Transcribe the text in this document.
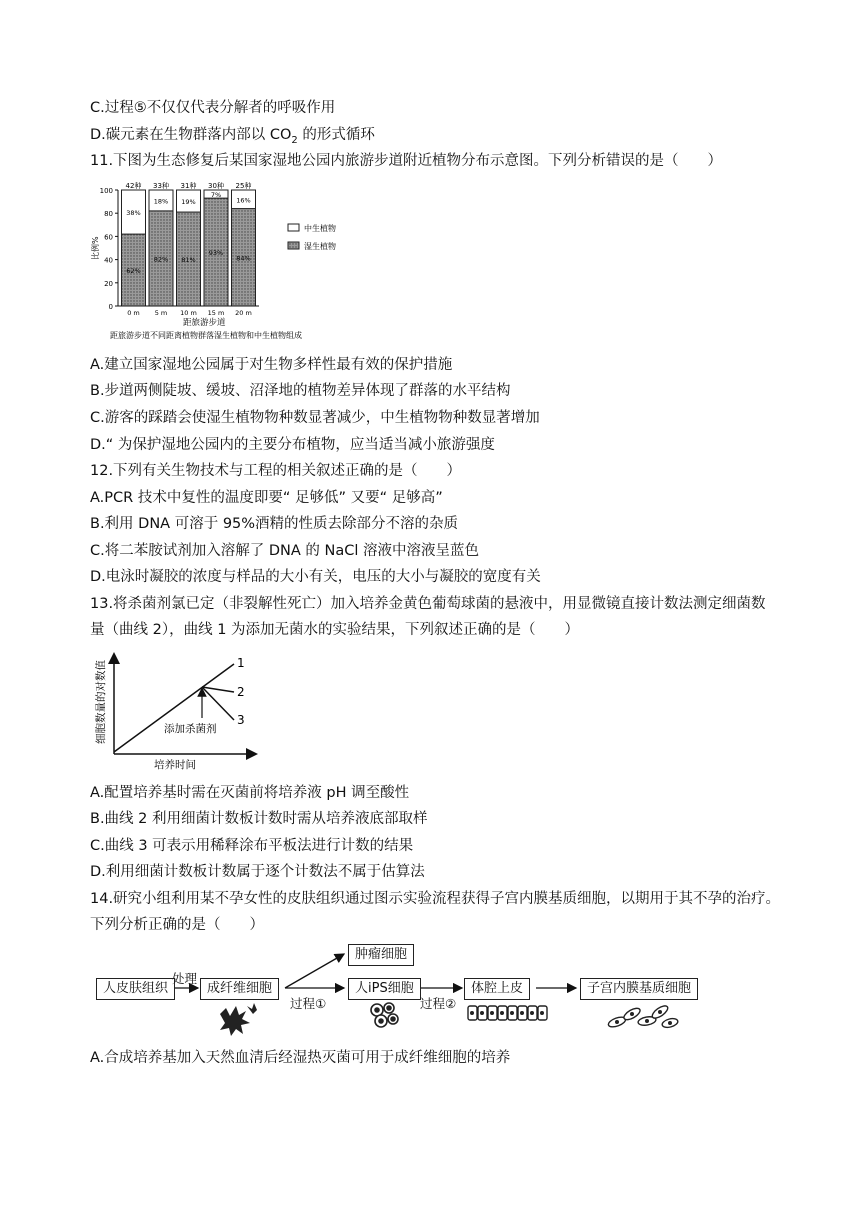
C.过程⑤不仅仅代表分解者的呼吸作用
D.碳元素在生物群落内部以 $CO_2$ 的形式循环
11.下图为生态修复后某国家湿地公园内旅游步道附近植物分布示意图。下列分析错误的是（　　）
0
20
40
60
80
100
比例%
62%
38%
42种
0 m
82%
18%
33种
5 m
81%
19%
31种
10 m
93%
7%
30种
15 m
84%
16%
25种
20 m
距旅游步道
距旅游步道不同距离植物群落湿生植物和中生植物组成
中生植物
湿生植物
A.建立国家湿地公园属于对生物多样性最有效的保护措施
B.步道两侧陡坡、缓坡、沼泽地的植物差异体现了群落的水平结构
C.游客的踩踏会使湿生植物物种数显著减少，中生植物物种数显著增加
D.“ 为保护湿地公园内的主要分布植物，应当适当减小旅游强度
12.下列有关生物技术与工程的相关叙述正确的是（　　）
A.PCR 技术中复性的温度即要“ 足够低” 又要“ 足够高”
B.利用 DNA 可溶于 95%酒精的性质去除部分不溶的杂质
C.将二苯胺试剂加入溶解了 DNA 的 NaCl 溶液中溶液呈蓝色
D.电泳时凝胶的浓度与样品的大小有关，电压的大小与凝胶的宽度有关
13.将杀菌剂氯已定（非裂解性死亡）加入培养金黄色葡萄球菌的悬液中，用显微镜直接计数法测定细菌数
量（曲线 2），曲线 1 为添加无菌水的实验结果，下列叙述正确的是（　　）
1
2
3
添加杀菌剂
培养时间
细胞数量的对数值
A.配置培养基时需在灭菌前将培养液 pH 调至酸性
B.曲线 2 利用细菌计数板计数时需从培养液底部取样
C.曲线 3 可表示用稀释涂布平板法进行计数的结果
D.利用细菌计数板计数属于逐个计数法不属于估算法
14.研究小组利用某不孕女性的皮肤组织通过图示实验流程获得子宫内膜基质细胞，以期用于其不孕的治疗。
下列分析正确的是（　　）
人皮肤组织	成纤维细胞
肿瘤细胞
人iPS细胞	体腔上皮	子宫内膜基质细胞
处理
过程①	过程②
A.合成培养基加入天然血清后经湿热灭菌可用于成纤维细胞的培养
